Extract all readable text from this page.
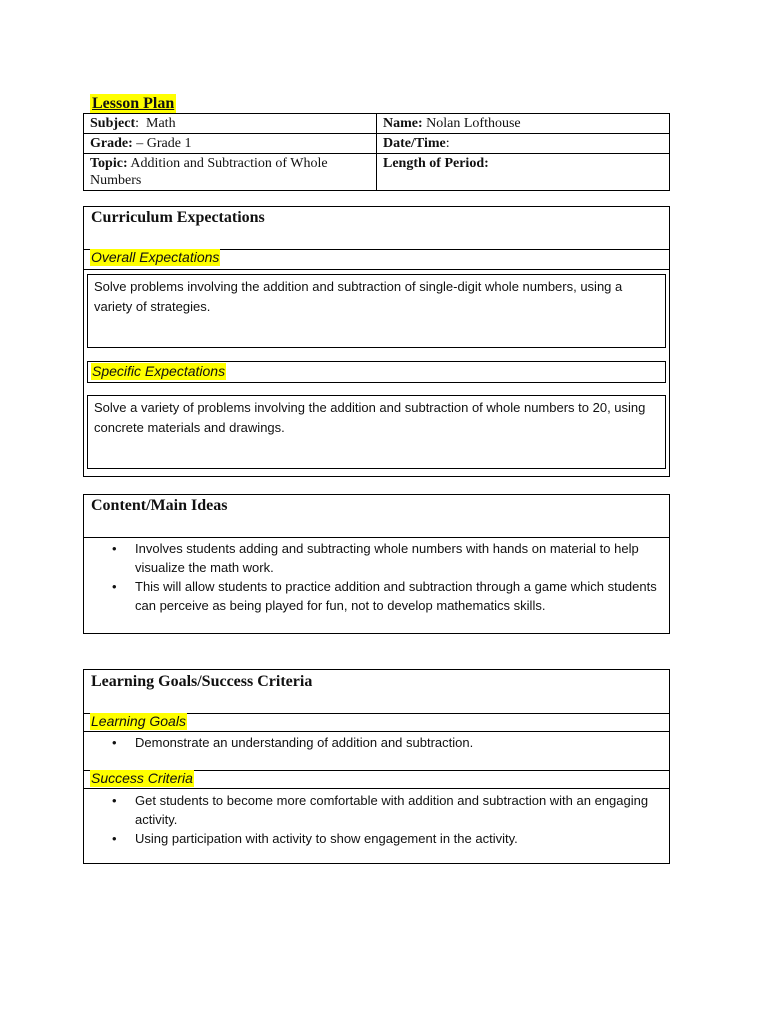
Lesson Plan
Subject:  Math	Name: Nolan Lofthouse
Grade: – Grade 1	Date/Time:
Topic: Addition and Subtraction of Whole Numbers	Length of Period:
Curriculum Expectations
Overall Expectations
Solve problems involving the addition and subtraction of single-digit whole numbers, using a variety of strategies.
Specific Expectations
Solve a variety of problems involving the addition and subtraction of whole numbers to 20, using concrete materials and drawings.
Content/Main Ideas
• Involves students adding and subtracting whole numbers with hands on material to help visualize the math work.
• This will allow students to practice addition and subtraction through a game which students can perceive as being played for fun, not to develop mathematics skills.
Learning Goals/Success Criteria
Learning Goals
• Demonstrate an understanding of addition and subtraction.
Success Criteria
• Get students to become more comfortable with addition and subtraction with an engaging activity.
• Using participation with activity to show engagement in the activity.
